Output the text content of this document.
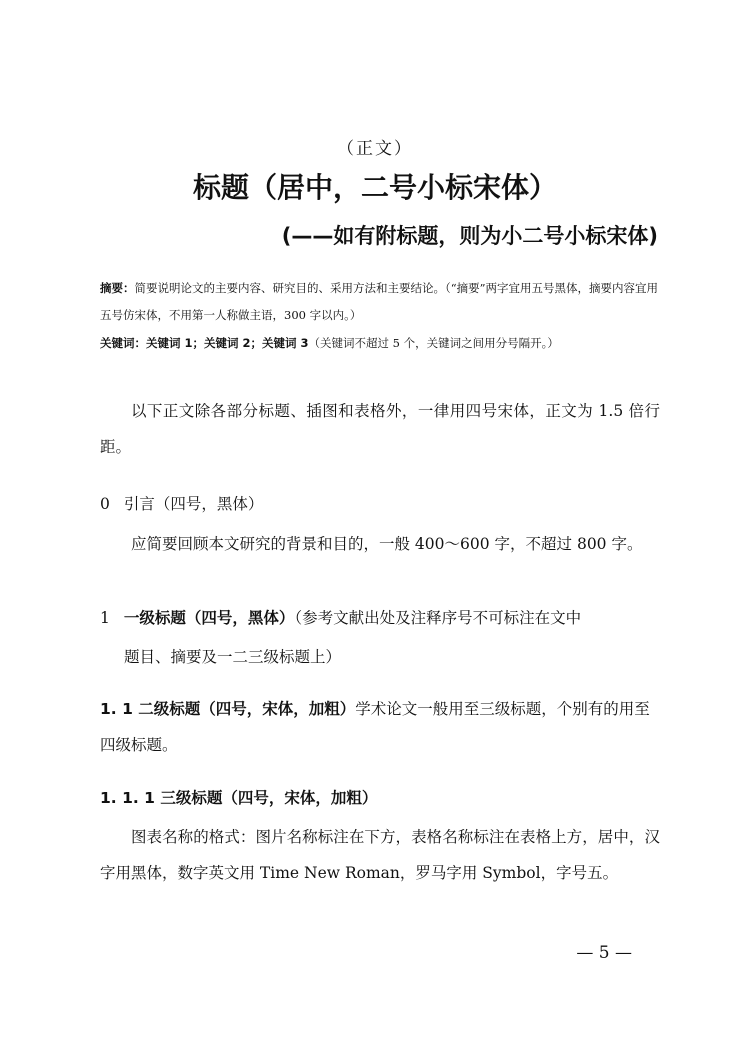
（正文）
标题（居中，二号小标宋体）
(——如有附标题，则为小二号小标宋体)
摘要：简要说明论文的主要内容、研究目的、采用方法和主要结论。（“摘要”两字宜用五号黑体，摘要内容宜用五号仿宋体，不用第一人称做主语，300 字以内。）
关键词：关键词 1；关键词 2；关键词 3（关键词不超过 5 个，关键词之间用分号隔开。）
以下正文除各部分标题、插图和表格外，一律用四号宋体，正文为 1.5 倍行距。
0 引言（四号，黑体）
应简要回顾本文研究的背景和目的，一般 400～600 字，不超过 800 字。
1 一级标题（四号，黑体）（参考文献出处及注释序号不可标注在文中
题目、摘要及一二三级标题上）
1. 1 二级标题（四号，宋体，加粗）学术论文一般用至三级标题，个别有的用至四级标题。
1. 1. 1 三级标题（四号，宋体，加粗）
图表名称的格式：图片名称标注在下方，表格名称标注在表格上方，居中，汉字用黑体，数字英文用 Time New Roman，罗马字用 Symbol，字号五。
— 5 —
